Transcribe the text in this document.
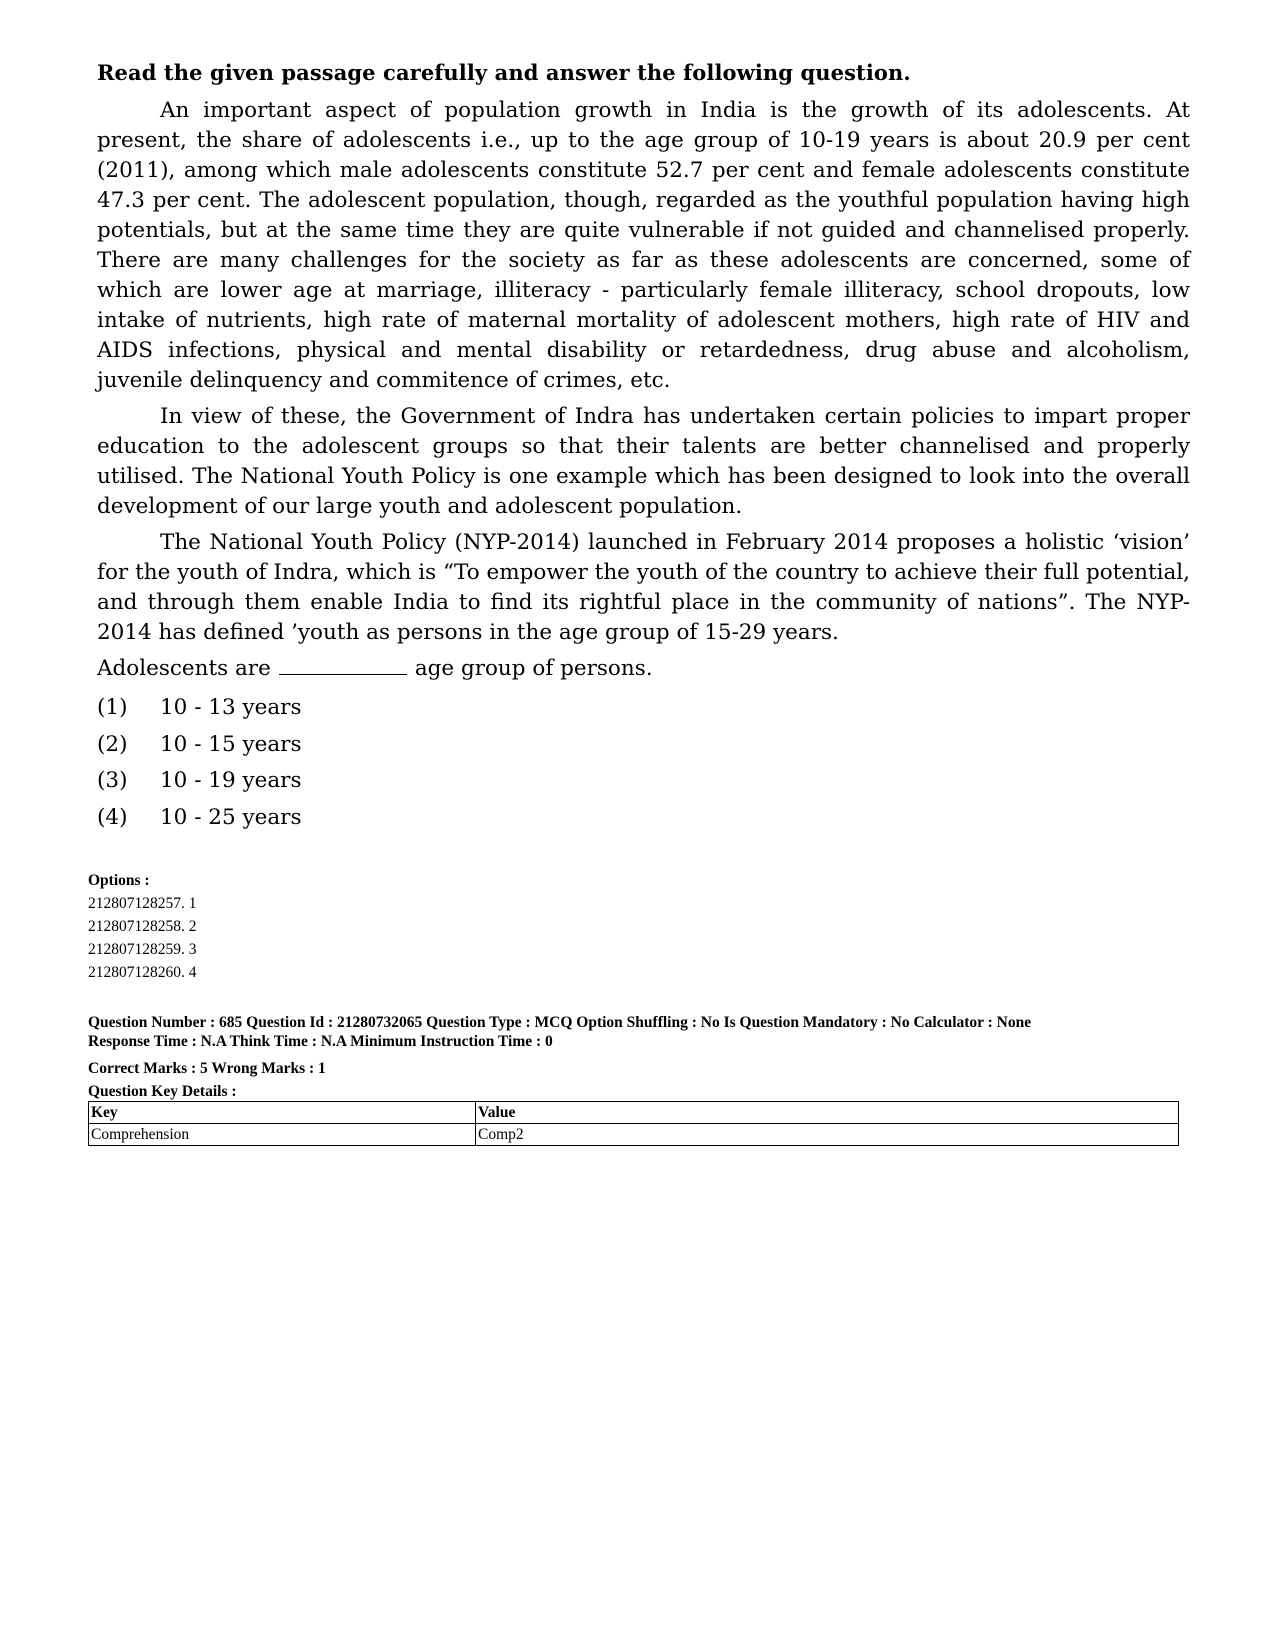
Read the given passage carefully and answer the following question.

An important aspect of population growth in India is the growth of its adolescents. At present, the share of adolescents i.e., up to the age group of 10-19 years is about 20.9 per cent (2011), among which male adolescents constitute 52.7 per cent and female adolescents constitute 47.3 per cent. The adolescent population, though, regarded as the youthful population having high potentials, but at the same time they are quite vulnerable if not guided and channelised properly. There are many challenges for the society as far as these adolescents are concerned, some of which are lower age at marriage, illiteracy - particularly female illiteracy, school dropouts, low intake of nutrients, high rate of maternal mortality of adolescent mothers, high rate of HIV and AIDS infections, physical and mental disability or retardedness, drug abuse and alcoholism, juvenile delinquency and commitence of crimes, etc.

In view of these, the Government of Indra has undertaken certain policies to impart proper education to the adolescent groups so that their talents are better channelised and properly utilised. The National Youth Policy is one example which has been designed to look into the overall development of our large youth and adolescent population.

The National Youth Policy (NYP-2014) launched in February 2014 proposes a holistic ‘vision’ for the youth of Indra, which is “To empower the youth of the country to achieve their full potential, and through them enable India to find its rightful place in the community of nations”. The NYP-2014 has defined ’youth as persons in the age group of 15-29 years.

Adolescents are	age group of persons.
(1)	10 - 13 years
(2)	10 - 15 years
(3)	10 - 19 years
(4)	10 - 25 years
Options :
212807128257. 1
212807128258. 2
212807128259. 3
212807128260. 4
Question Number : 685 Question Id : 21280732065 Question Type : MCQ Option Shuffling : No Is Question Mandatory : No Calculator : None
Response Time : N.A Think Time : N.A Minimum Instruction Time : 0
Correct Marks : 5 Wrong Marks : 1
Question Key Details :
Key	Value
Comprehension	Comp2
